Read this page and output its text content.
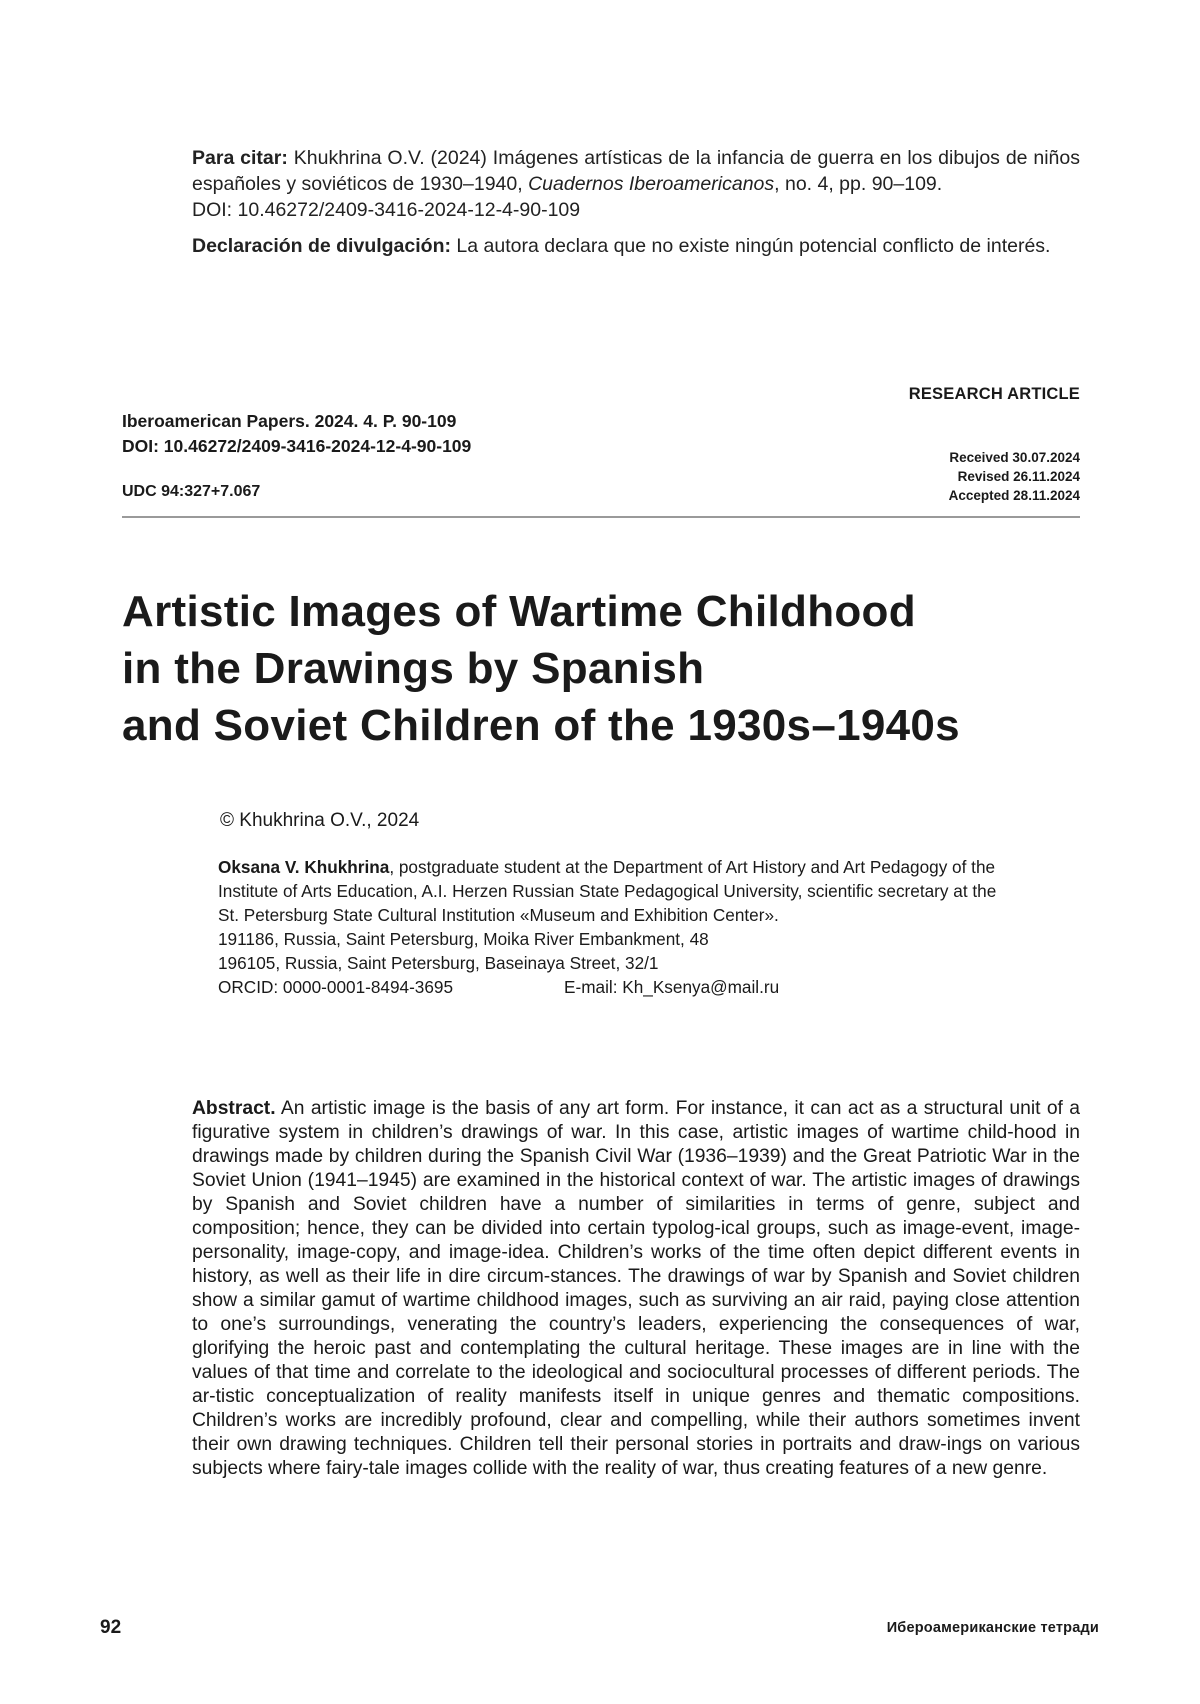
Para citar: Khukhrina O.V. (2024) Imágenes artísticas de la infancia de guerra en los dibujos de niños españoles y soviéticos de 1930–1940, Cuadernos Iberoamericanos, no. 4, pp. 90–109.

DOI: 10.46272/2409-3416-2024-12-4-90-109

Declaración de divulgación: La autora declara que no existe ningún potencial conflicto de interés.
RESEARCH ARTICLE
Iberoamerican Papers. 2024. 4. P. 90-109
DOI: 10.46272/2409-3416-2024-12-4-90-109
UDC 94:327+7.067
Received 30.07.2024
Revised 26.11.2024
Accepted 28.11.2024
Artistic Images of Wartime Childhood
in the Drawings by Spanish
and Soviet Children of the 1930s–1940s
© Khukhrina O.V., 2024
Oksana V. Khukhrina, postgraduate student at the Department of Art History and Art Pedagogy of the
Institute of Arts Education, A.I. Herzen Russian State Pedagogical University, scientific secretary at the
St. Petersburg State Cultural Institution «Museum and Exhibition Center».
191186, Russia, Saint Petersburg, Moika River Embankment, 48
196105, Russia, Saint Petersburg, Baseinaya Street, 32/1
ORCID: 0000-0001-8494-3695	E-mail: Kh_Ksenya@mail.ru
Abstract. An artistic image is the basis of any art form. For instance, it can act as a structural unit of a figurative system in children’s drawings of war. In this case, artistic images of wartime child-hood in drawings made by children during the Spanish Civil War (1936–1939) and the Great Patriotic War in the Soviet Union (1941–1945) are examined in the historical context of war. The artistic images of drawings by Spanish and Soviet children have a number of similarities in terms of genre, subject and composition; hence, they can be divided into certain typolog-ical groups, such as image-event, image-personality, image-copy, and image-idea. Children’s works of the time often depict different events in history, as well as their life in dire circum-stances. The drawings of war by Spanish and Soviet children show a similar gamut of wartime childhood images, such as surviving an air raid, paying close attention to one’s surroundings, venerating the country’s leaders, experiencing the consequences of war, glorifying the heroic past and contemplating the cultural heritage. These images are in line with the values of that time and correlate to the ideological and sociocultural processes of different periods. The ar-tistic conceptualization of reality manifests itself in unique genres and thematic compositions. Children’s works are incredibly profound, clear and compelling, while their authors sometimes invent their own drawing techniques. Children tell their personal stories in portraits and draw-ings on various subjects where fairy-tale images collide with the reality of war, thus creating features of a new genre.
92	Ибероамериканские тетради
